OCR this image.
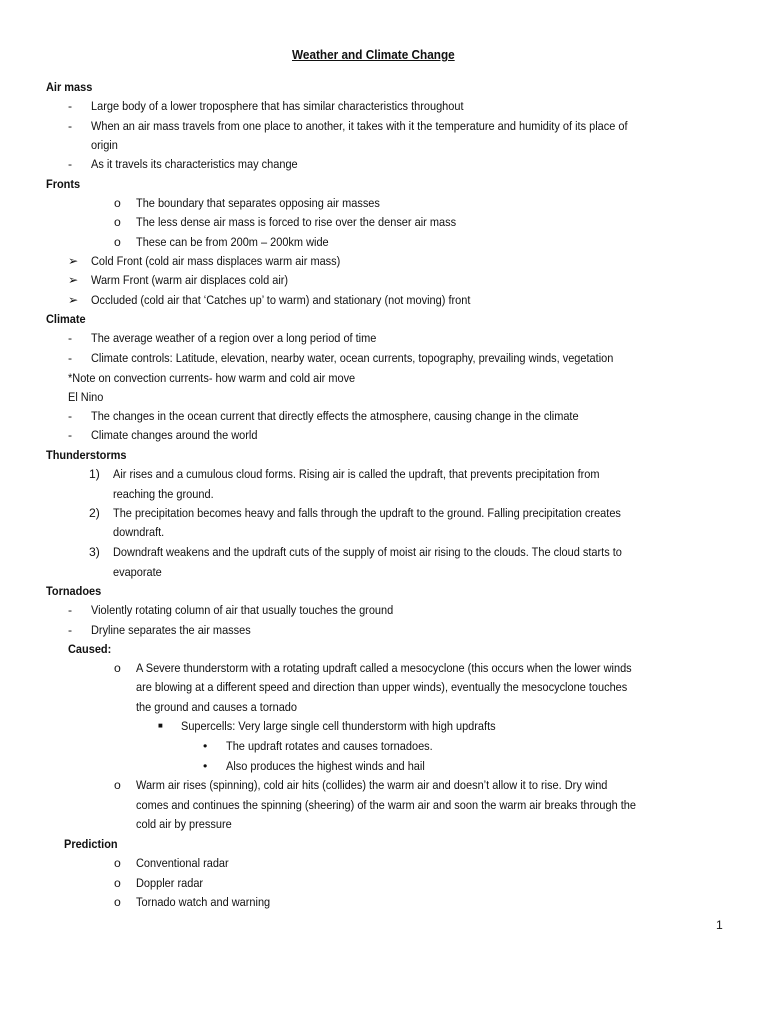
Weather and Climate Change
Air mass
- Large body of a lower troposphere that has similar characteristics throughout
- When an air mass travels from one place to another, it takes with it the temperature and humidity of its place of
origin
- As it travels its characteristics may change
Fronts
o The boundary that separates opposing air masses
o The less dense air mass is forced to rise over the denser air mass
o These can be from 200m – 200km wide
➢ Cold Front (cold air mass displaces warm air mass)
➢ Warm Front (warm air displaces cold air)
➢ Occluded (cold air that ‘Catches up’ to warm) and stationary (not moving) front
Climate
- The average weather of a region over a long period of time
- Climate controls: Latitude, elevation, nearby water, ocean currents, topography, prevailing winds, vegetation
*Note on convection currents- how warm and cold air move
El Nino
- The changes in the ocean current that directly effects the atmosphere, causing change in the climate
- Climate changes around the world
Thunderstorms
1) Air rises and a cumulous cloud forms. Rising air is called the updraft, that prevents precipitation from
reaching the ground.
2) The precipitation becomes heavy and falls through the updraft to the ground. Falling precipitation creates
downdraft.
3) Downdraft weakens and the updraft cuts of the supply of moist air rising to the clouds. The cloud starts to
evaporate
Tornadoes
- Violently rotating column of air that usually touches the ground
- Dryline separates the air masses
Caused:
o A Severe thunderstorm with a rotating updraft called a mesocyclone (this occurs when the lower winds
are blowing at a different speed and direction than upper winds), eventually the mesocyclone touches
the ground and causes a tornado
■ Supercells: Very large single cell thunderstorm with high updrafts
• The updraft rotates and causes tornadoes.
• Also produces the highest winds and hail
o Warm air rises (spinning), cold air hits (collides) the warm air and doesn’t allow it to rise. Dry wind
comes and continues the spinning (sheering) of the warm air and soon the warm air breaks through the
cold air by pressure
Prediction
o Conventional radar
o Doppler radar
o Tornado watch and warning
1
